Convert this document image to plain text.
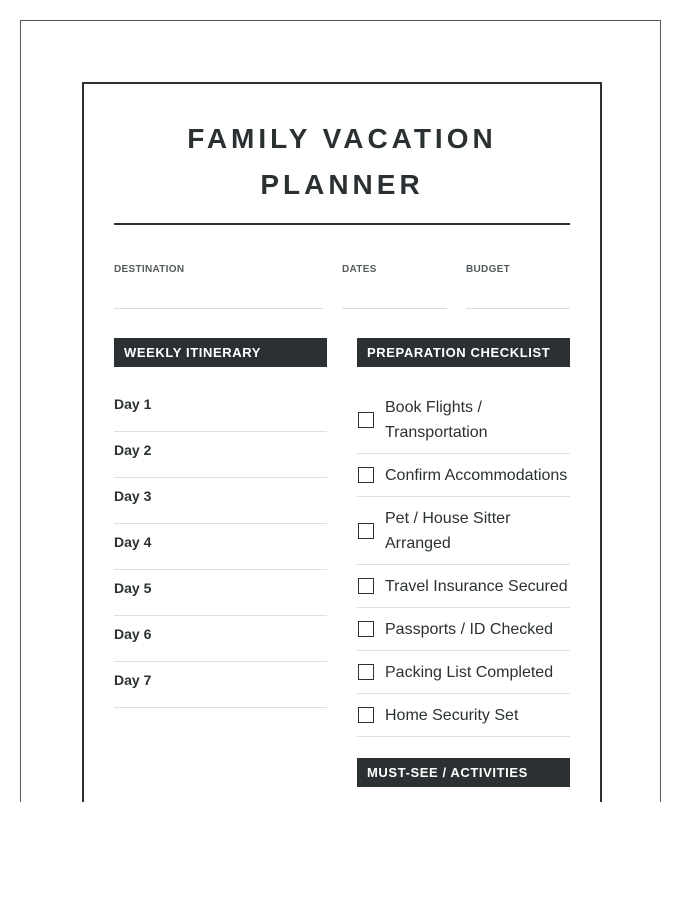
FAMILY VACATION
PLANNER
DESTINATION	DATES	BUDGET
WEEKLY ITINERARY
Day 1
Day 2
Day 3
Day 4
Day 5
Day 6
Day 7
PREPARATION CHECKLIST
Book Flights / Transportation
Confirm Accommodations
Pet / House Sitter Arranged
Travel Insurance Secured
Passports / ID Checked
Packing List Completed
Home Security Set
MUST-SEE / ACTIVITIES
